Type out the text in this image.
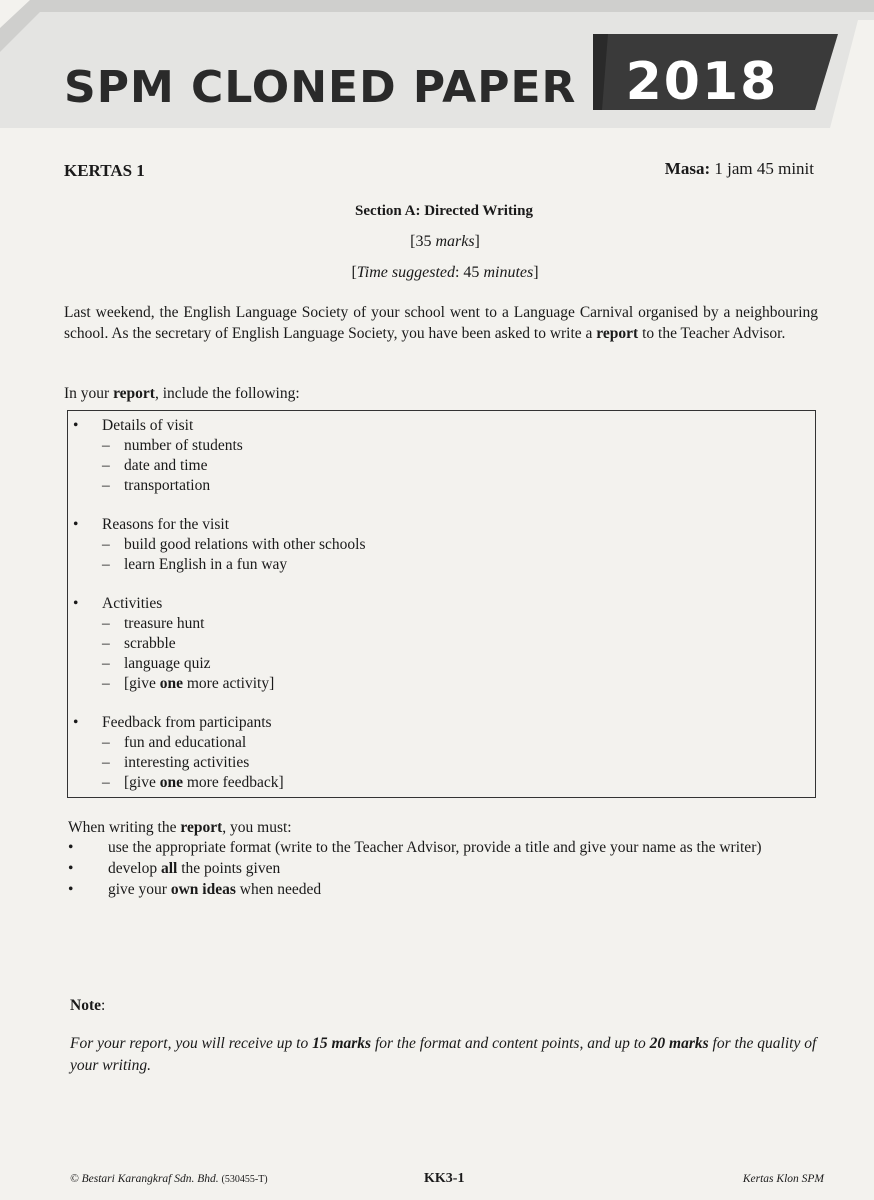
SPM CLONED PAPER 2018
KERTAS 1	Masa: 1 jam 45 minit
Section A: Directed Writing
[35 marks]
[Time suggested: 45 minutes]
Last weekend, the English Language Society of your school went to a Language Carnival organised by a neighbouring school. As the secretary of English Language Society, you have been asked to write a report to the Teacher Advisor.
In your report, include the following:
• Details of visit
– number of students
– date and time
– transportation
• Reasons for the visit
– build good relations with other schools
– learn English in a fun way
• Activities
– treasure hunt
– scrabble
– language quiz
– [give one more activity]
• Feedback from participants
– fun and educational
– interesting activities
– [give one more feedback]
When writing the report, you must:
• use the appropriate format (write to the Teacher Advisor, provide a title and give your name as the writer)
• develop all the points given
• give your own ideas when needed
Note:
For your report, you will receive up to 15 marks for the format and content points, and up to 20 marks for the quality of your writing.
© Bestari Karangkraf Sdn. Bhd. (530455-T)	KK3-1	Kertas Klon SPM
